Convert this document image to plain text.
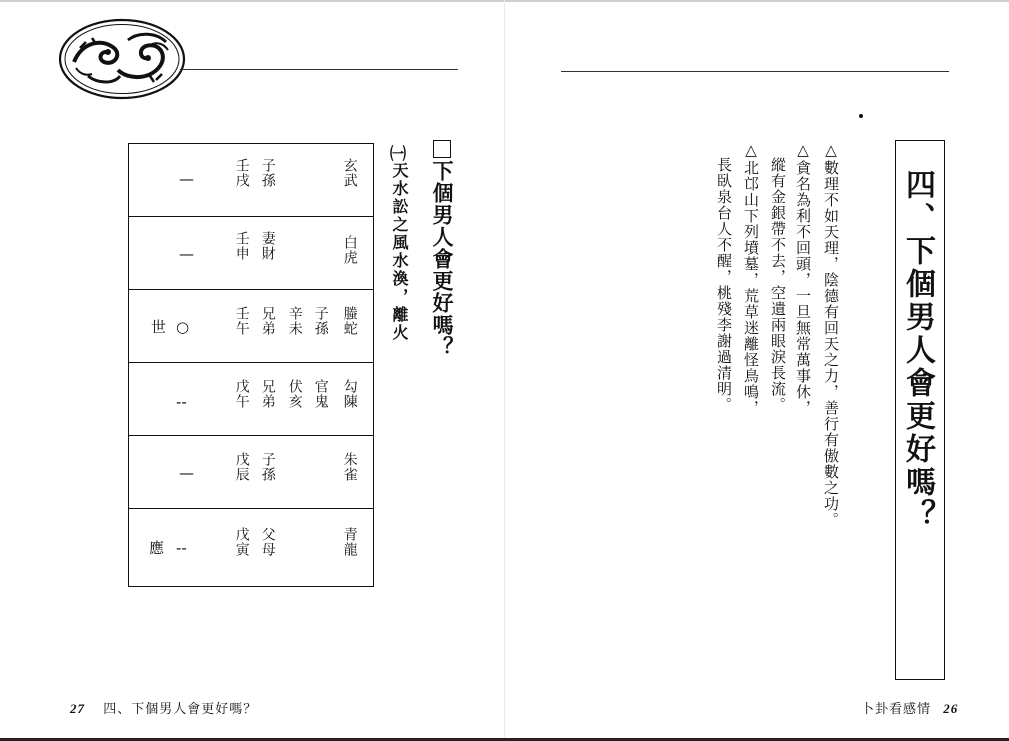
四、下個男人會更好嗎？
△數理不如天理，陰德有回天之力，善行有傲數之功。
△貪名為利不回頭，一旦無常萬事休，
　縱有金銀帶不去，空遺兩眼淚長流。
△北邙山下列墳墓，荒草迷離怪鳥鳴，
　長臥泉台人不醒，桃殘李謝過清明。
下個男人會更好嗎？
㈠天水訟之風水渙，離火
玄武
子孫
壬戌
—
白虎
妻財
壬申
—
螣蛇
子孫
辛未
兄弟
壬午
○
世
勾陳
官鬼
伏亥
兄弟
戊午
--
朱雀
子孫
戊辰
—
青龍
父母
戊寅
--
應
27 四、下個男人會更好嗎？	卜卦看感情 26
